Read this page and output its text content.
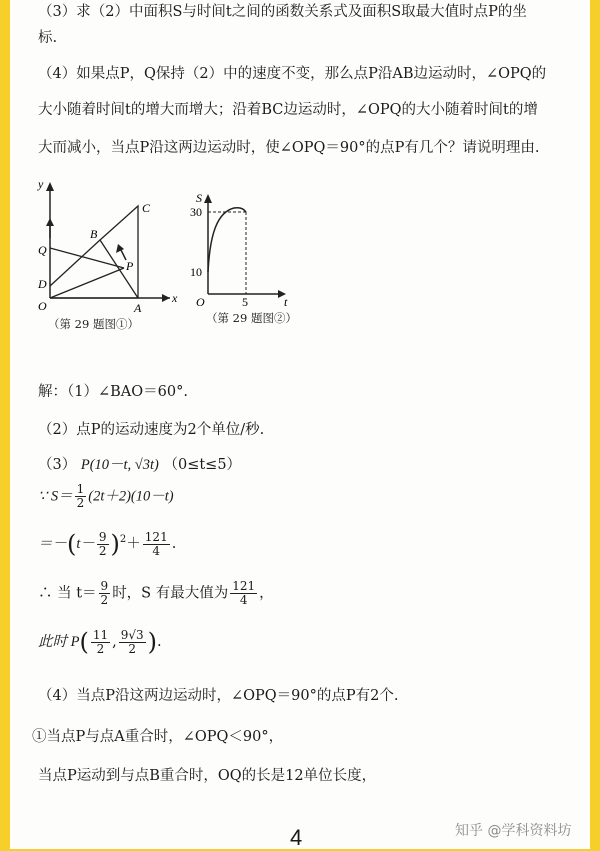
（3）求（2）中面积S与时间t之间的函数关系式及面积S取最大值时点P的坐
标.
（4）如果点P，Q保持（2）中的速度不变，那么点P沿AB边运动时，∠OPQ的
大小随着时间t的增大而增大；沿着BC边运动时，∠OPQ的大小随着时间t的增
大而减小，当点P沿这两边运动时，使∠OPQ＝90°的点P有几个？请说明理由.
y
x
O	A
B
C
D
P
Q
（第 29 题图①）
S
t
O
30
10
5
（第 29 题图②）
解：（1）∠BAO＝60°.
（2）点P的运动速度为2个单位/秒.
（3） P(10－t, √3t) （0≤t≤5）
∵ $S= \frac{1}{2} (2t+2)(10-t)$
$=-(t- \frac{9}{2} )^2+ \frac{121}{4}$ .
∴ 当 $t= \frac{9}{2}$ 时，S 有最大值为 $\frac{121}{4}$ ，
此时 $P( \frac{11}{2}$ , $\frac{9√3}{2}$ ).
（4）当点P沿这两边运动时，∠OPQ＝90°的点P有2个.
①当点P与点A重合时，∠OPQ＜90°，
当点P运动到与点B重合时，OQ的长是12单位长度，
4	知乎 @学科资料坊
